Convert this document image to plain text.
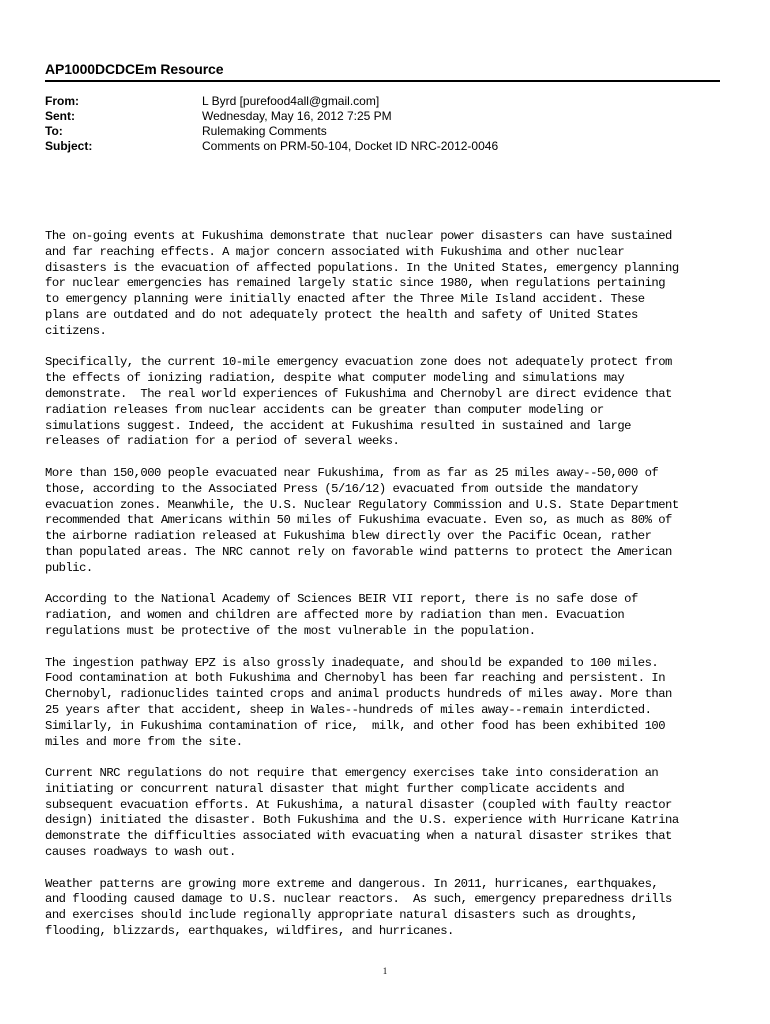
AP1000DCDCEm Resource
From:	L Byrd [purefood4all@gmail.com]
Sent:	Wednesday, May 16, 2012 7:25 PM
To:	Rulemaking Comments
Subject:	Comments on PRM-50-104, Docket ID NRC-2012-0046

The on-going events at Fukushima demonstrate that nuclear power disasters can have sustained
and far reaching effects. A major concern associated with Fukushima and other nuclear
disasters is the evacuation of affected populations. In the United States, emergency planning
for nuclear emergencies has remained largely static since 1980, when regulations pertaining
to emergency planning were initially enacted after the Three Mile Island accident. These
plans are outdated and do not adequately protect the health and safety of United States
citizens.

Specifically, the current 10-mile emergency evacuation zone does not adequately protect from
the effects of ionizing radiation, despite what computer modeling and simulations may
demonstrate.  The real world experiences of Fukushima and Chernobyl are direct evidence that
radiation releases from nuclear accidents can be greater than computer modeling or
simulations suggest. Indeed, the accident at Fukushima resulted in sustained and large
releases of radiation for a period of several weeks.

More than 150,000 people evacuated near Fukushima, from as far as 25 miles away--50,000 of
those, according to the Associated Press (5/16/12) evacuated from outside the mandatory
evacuation zones. Meanwhile, the U.S. Nuclear Regulatory Commission and U.S. State Department
recommended that Americans within 50 miles of Fukushima evacuate. Even so, as much as 80% of
the airborne radiation released at Fukushima blew directly over the Pacific Ocean, rather
than populated areas. The NRC cannot rely on favorable wind patterns to protect the American
public.

According to the National Academy of Sciences BEIR VII report, there is no safe dose of
radiation, and women and children are affected more by radiation than men. Evacuation
regulations must be protective of the most vulnerable in the population.

The ingestion pathway EPZ is also grossly inadequate, and should be expanded to 100 miles.
Food contamination at both Fukushima and Chernobyl has been far reaching and persistent. In
Chernobyl, radionuclides tainted crops and animal products hundreds of miles away. More than
25 years after that accident, sheep in Wales--hundreds of miles away--remain interdicted.
Similarly, in Fukushima contamination of rice,  milk, and other food has been exhibited 100
miles and more from the site.

Current NRC regulations do not require that emergency exercises take into consideration an
initiating or concurrent natural disaster that might further complicate accidents and
subsequent evacuation efforts. At Fukushima, a natural disaster (coupled with faulty reactor
design) initiated the disaster. Both Fukushima and the U.S. experience with Hurricane Katrina
demonstrate the difficulties associated with evacuating when a natural disaster strikes that
causes roadways to wash out.

Weather patterns are growing more extreme and dangerous. In 2011, hurricanes, earthquakes,
and flooding caused damage to U.S. nuclear reactors.  As such, emergency preparedness drills
and exercises should include regionally appropriate natural disasters such as droughts,
flooding, blizzards, earthquakes, wildfires, and hurricanes.

1
